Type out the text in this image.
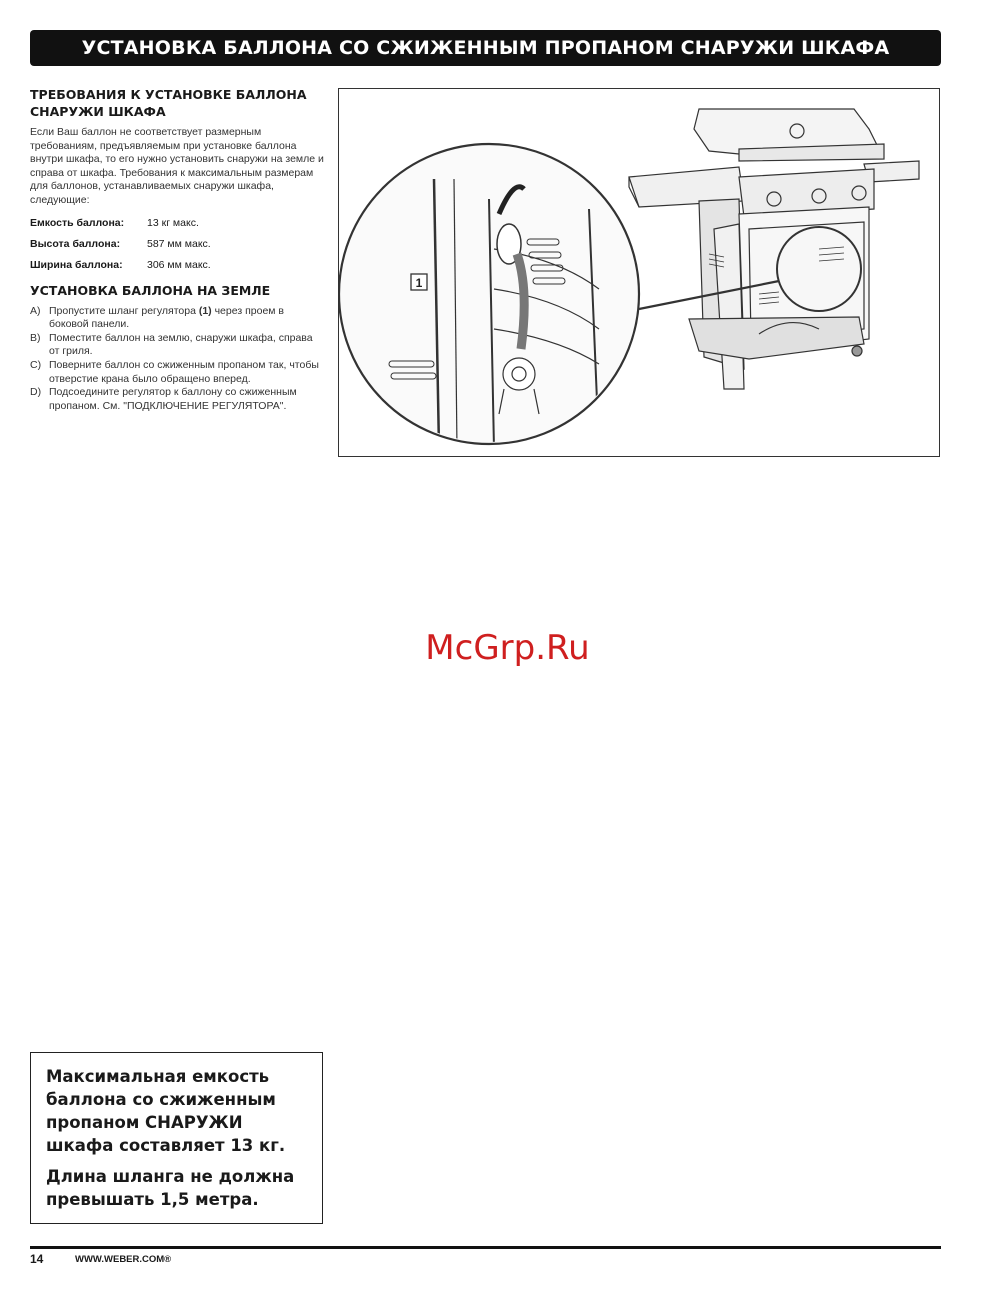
УСТАНОВКА БАЛЛОНА СО СЖИЖЕННЫМ ПРОПАНОМ СНАРУЖИ ШКАФА
ТРЕБОВАНИЯ К УСТАНОВКЕ БАЛЛОНА
СНАРУЖИ ШКАФА

Если Ваш баллон не соответствует размерным требованиям, предъявляемым при установке баллона внутри шкафа, то его нужно установить снаружи на земле и справа от шкафа. Требования к максимальным размерам для баллонов, устанавливаемых снаружи шкафа, следующие:

Емкость баллона:	13 кг макс.
Высота баллона:	587 мм макс.
Ширина баллона:	306 мм макс.
УСТАНОВКА БАЛЛОНА НА ЗЕМЛЕ
A) Пропустите шланг регулятора (1) через проем в боковой панели.
B) Поместите баллон на землю, снаружи шкафа, справа от гриля.
C) Поверните баллон со сжиженным пропаном так, чтобы отверстие крана было обращено вперед.
D) Подсоедините регулятор к баллону со сжиженным пропаном. См. "ПОДКЛЮЧЕНИЕ РЕГУЛЯТОРА".
1
McGrp.Ru

Максимальная емкость баллона со сжиженным пропаном СНАРУЖИ шкафа составляет 13 кг.

Длина шланга не должна превышать 1,5 метра.

14	WWW.WEBER.COM®
